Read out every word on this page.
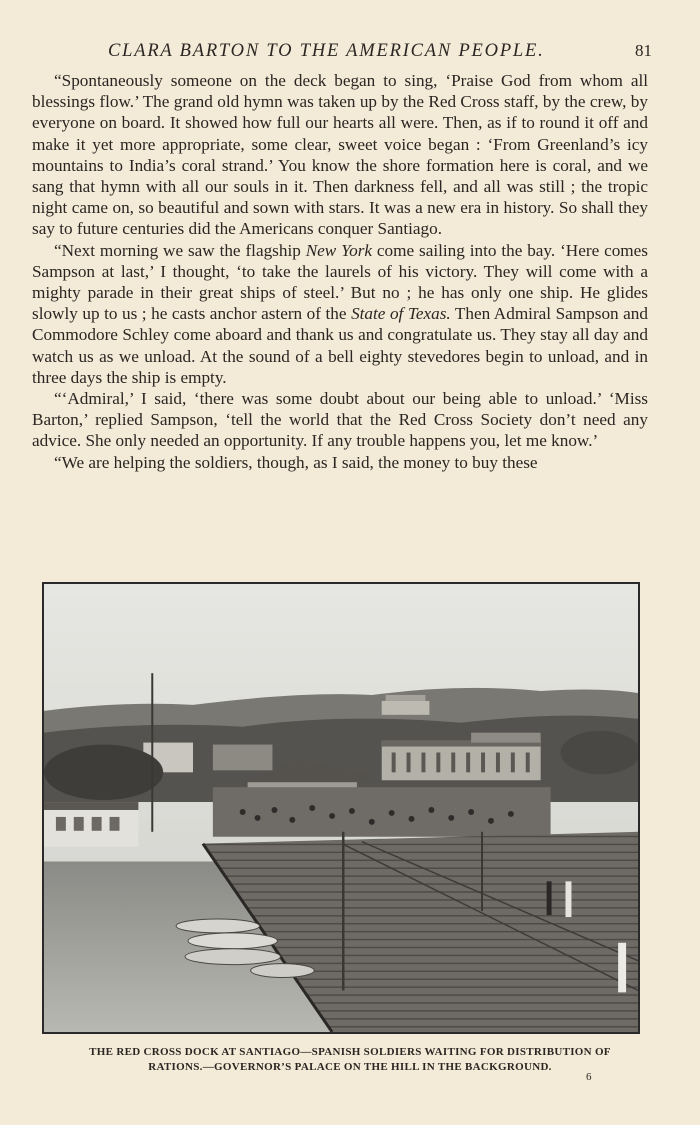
CLARA BARTON TO THE AMERICAN PEOPLE.	81

“Spontaneously someone on the deck began to sing, ‘Praise God from whom all blessings flow.’ The grand old hymn was taken up by the Red Cross staff, by the crew, by everyone on board. It showed how full our hearts all were. Then, as if to round it off and make it yet more appropriate, some clear, sweet voice began : ‘From Greenland’s icy mountains to India’s coral strand.’ You know the shore formation here is coral, and we sang that hymn with all our souls in it. Then darkness fell, and all was still ; the tropic night came on, so beautiful and sown with stars. It was a new era in history. So shall they say to future centuries did the Americans conquer Santiago.

“Next morning we saw the flagship New York come sailing into the bay. ‘Here comes Sampson at last,’ I thought, ‘to take the laurels of his victory. They will come with a mighty parade in their great ships of steel.’ But no ; he has only one ship. He glides slowly up to us ; he casts anchor astern of the State of Texas. Then Admiral Sampson and Commodore Schley come aboard and thank us and congratulate us. They stay all day and watch us as we unload. At the sound of a bell eighty stevedores begin to unload, and in three days the ship is empty.

“‘Admiral,’ I said, ‘there was some doubt about our being able to unload.’ ‘Miss Barton,’ replied Sampson, ‘tell the world that the Red Cross Society don’t need any advice. She only needed an opportunity. If any trouble happens you, let me know.’

“We are helping the soldiers, though, as I said, the money to buy these

THE RED CROSS DOCK AT SANTIAGO—SPANISH SOLDIERS WAITING FOR DISTRIBUTION OF
RATIONS.—GOVERNOR’S PALACE ON THE HILL IN THE BACKGROUND.
6
